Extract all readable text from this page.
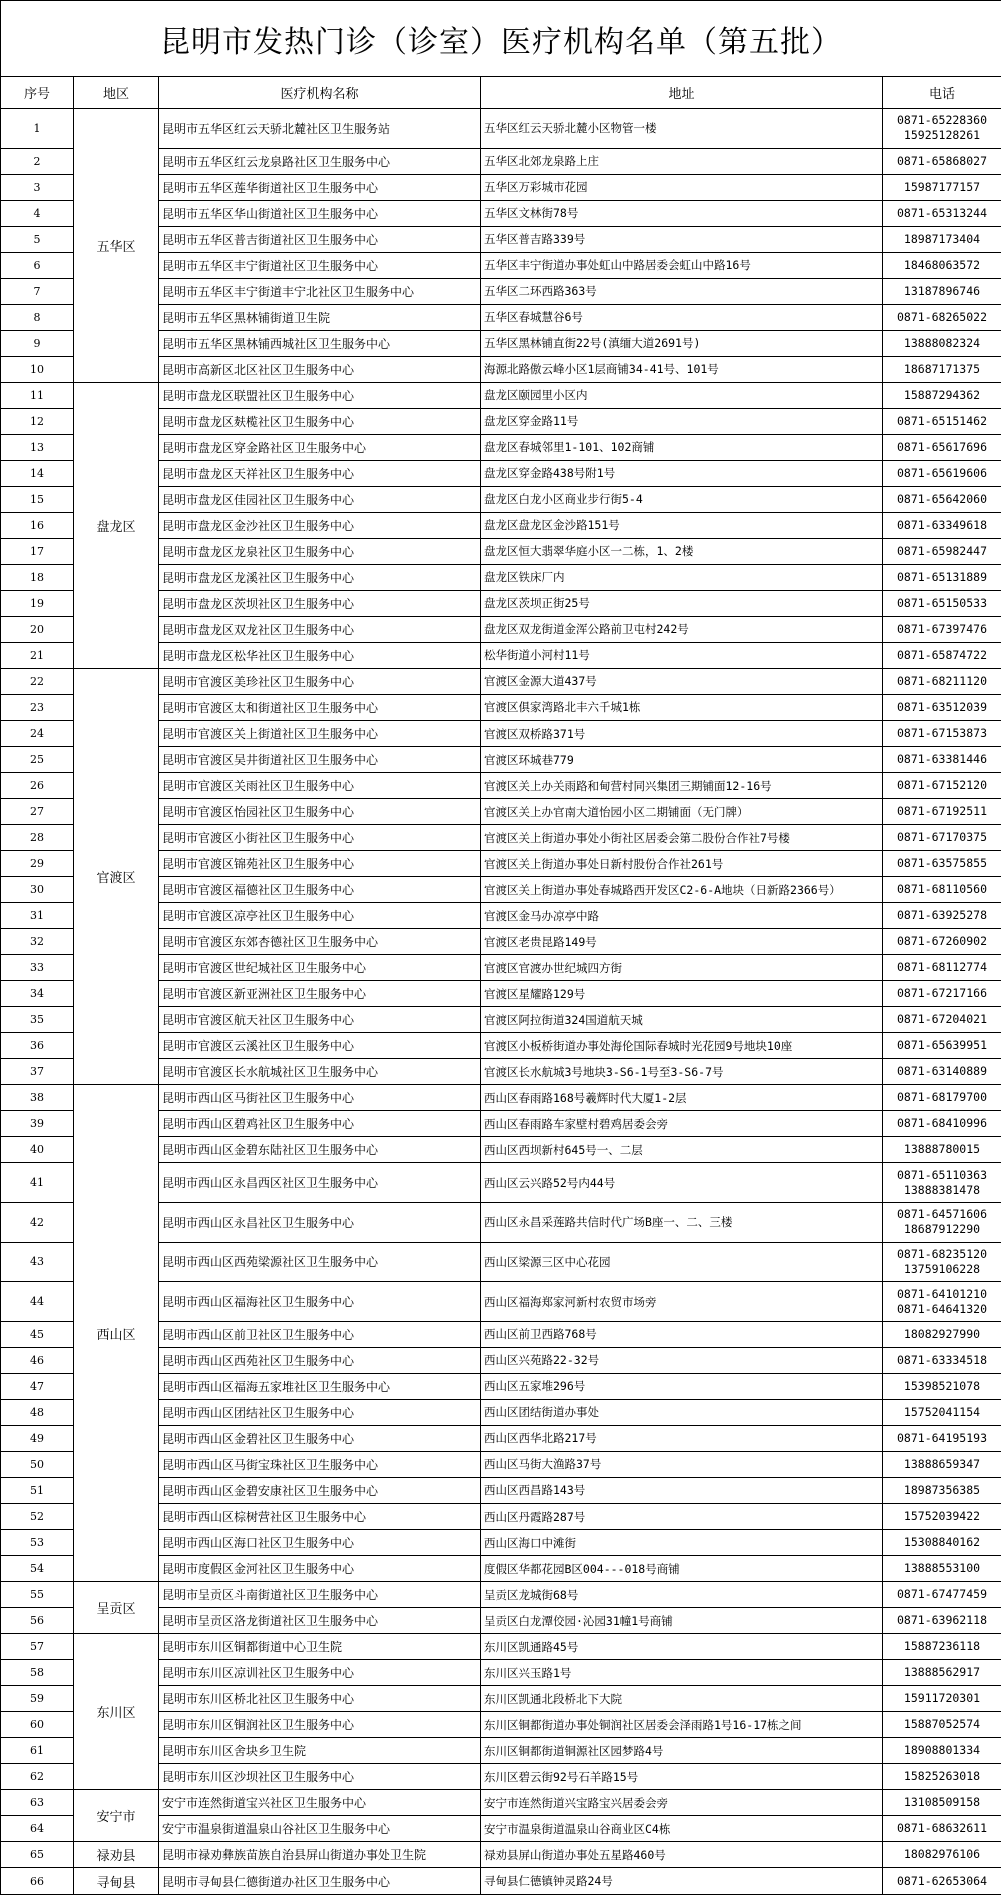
昆明市发热门诊（诊室）医疗机构名单（第五批）				
序号	地区	医疗机构名称	地址	电话
1	五华区	昆明市五华区红云天骄北麓社区卫生服务站	五华区红云天骄北麓小区物管一楼	0871-65228360
15925128261

2		昆明市五华区红云龙泉路社区卫生服务中心	五华区北郊龙泉路上庄	0871-65868027

3		昆明市五华区莲华街道社区卫生服务中心	五华区万彩城市花园	15987177157

4		昆明市五华区华山街道社区卫生服务中心	五华区文林街78号	0871-65313244

5		昆明市五华区普吉街道社区卫生服务中心	五华区普吉路339号	18987173404

6		昆明市五华区丰宁街道社区卫生服务中心	五华区丰宁街道办事处虹山中路居委会虹山中路16号	18468063572

7		昆明市五华区丰宁街道丰宁北社区卫生服务中心	五华区二环西路363号	13187896746

8		昆明市五华区黑林铺街道卫生院	五华区春城慧谷6号	0871-68265022

9		昆明市五华区黑林铺西城社区卫生服务中心	五华区黑林铺直街22号(滇缅大道2691号)	13888082324

10		昆明市高新区北区社区卫生服务中心	海源北路傲云峰小区1层商铺34-41号、101号	18687171375

11	盘龙区	昆明市盘龙区联盟社区卫生服务中心	盘龙区颐园里小区内	15887294362

12		昆明市盘龙区麸榄社区卫生服务中心	盘龙区穿金路11号	0871-65151462

13		昆明市盘龙区穿金路社区卫生服务中心	盘龙区春城邻里1-101、102商铺	0871-65617696

14		昆明市盘龙区天祥社区卫生服务中心	盘龙区穿金路438号附1号	0871-65619606

15		昆明市盘龙区佳园社区卫生服务中心	盘龙区白龙小区商业步行街5-4	0871-65642060

16		昆明市盘龙区金沙社区卫生服务中心	盘龙区盘龙区金沙路151号	0871-63349618

17		昆明市盘龙区龙泉社区卫生服务中心	盘龙区恒大翡翠华庭小区一二栋，1、2楼	0871-65982447

18		昆明市盘龙区龙溪社区卫生服务中心	盘龙区铁床厂内	0871-65131889

19		昆明市盘龙区茨坝社区卫生服务中心	盘龙区茨坝正街25号	0871-65150533

20		昆明市盘龙区双龙社区卫生服务中心	盘龙区双龙街道金浑公路前卫屯村242号	0871-67397476

21		昆明市盘龙区松华社区卫生服务中心	松华街道小河村11号	0871-65874722

22	官渡区	昆明市官渡区美珍社区卫生服务中心	官渡区金源大道437号	0871-68211120

23		昆明市官渡区太和街道社区卫生服务中心	官渡区俱家湾路北丰六千城1栋	0871-63512039

24		昆明市官渡区关上街道社区卫生服务中心	官渡区双桥路371号	0871-67153873

25		昆明市官渡区吴井街道社区卫生服务中心	官渡区环城巷779	0871-63381446

26		昆明市官渡区关雨社区卫生服务中心	官渡区关上办关雨路和甸营村同兴集团三期铺面12-16号	0871-67152120

27		昆明市官渡区怡园社区卫生服务中心	官渡区关上办官南大道怡园小区二期铺面（无门牌）	0871-67192511

28		昆明市官渡区小街社区卫生服务中心	官渡区关上街道办事处小街社区居委会第二股份合作社7号楼	0871-67170375

29		昆明市官渡区锦苑社区卫生服务中心	官渡区关上街道办事处日新村股份合作社261号	0871-63575855

30		昆明市官渡区福德社区卫生服务中心	官渡区关上街道办事处春城路西开发区C2-6-A地块（日新路2366号）	0871-68110560

31		昆明市官渡区凉亭社区卫生服务中心	官渡区金马办凉亭中路	0871-63925278

32		昆明市官渡区东郊杏德社区卫生服务中心	官渡区老贵昆路149号	0871-67260902

33		昆明市官渡区世纪城社区卫生服务中心	官渡区官渡办世纪城四方街	0871-68112774

34		昆明市官渡区新亚洲社区卫生服务中心	官渡区星耀路129号	0871-67217166

35		昆明市官渡区航天社区卫生服务中心	官渡区阿拉街道324国道航天城	0871-67204021

36		昆明市官渡区云溪社区卫生服务中心	官渡区小板桥街道办事处海伦国际春城时光花园9号地块10座	0871-65639951

37		昆明市官渡区长水航城社区卫生服务中心	官渡区长水航城3号地块3-S6-1号至3-S6-7号	0871-63140889

38	西山区	昆明市西山区马街社区卫生服务中心	西山区春雨路168号羲辉时代大厦1-2层	0871-68179700

39		昆明市西山区碧鸡社区卫生服务中心	西山区春雨路车家壁村碧鸡居委会旁	0871-68410996

40		昆明市西山区金碧东陆社区卫生服务中心	西山区西坝新村645号一、二层	13888780015

41		昆明市西山区永昌西区社区卫生服务中心	西山区云兴路52号内44号	0871-65110363
13888381478

42		昆明市西山区永昌社区卫生服务中心	西山区永昌采莲路共信时代广场B座一、二、三楼	0871-64571606
18687912290

43		昆明市西山区西苑梁源社区卫生服务中心	西山区梁源三区中心花园	0871-68235120
13759106228

44		昆明市西山区福海社区卫生服务中心	西山区福海郑家河新村农贸市场旁	0871-64101210
0871-64641320

45		昆明市西山区前卫社区卫生服务中心	西山区前卫西路768号	18082927990

46		昆明市西山区西苑社区卫生服务中心	西山区兴苑路22-32号	0871-63334518

47		昆明市西山区福海五家堆社区卫生服务中心	西山区五家堆296号	15398521078

48		昆明市西山区团结社区卫生服务中心	西山区团结街道办事处	15752041154

49		昆明市西山区金碧社区卫生服务中心	西山区西华北路217号	0871-64195193

50		昆明市西山区马街宝珠社区卫生服务中心	西山区马街大渔路37号	13888659347

51		昆明市西山区金碧安康社区卫生服务中心	西山区西昌路143号	18987356385

52		昆明市西山区棕树营社区卫生服务中心	西山区丹霞路287号	15752039422

53		昆明市西山区海口社区卫生服务中心	西山区海口中滩街	15308840162

54		昆明市度假区金河社区卫生服务中心	度假区华都花园B区004---018号商铺	13888553100

55	呈贡区	昆明市呈贡区斗南街道社区卫生服务中心	呈贡区龙城街68号	0871-67477459

56		昆明市呈贡区洛龙街道社区卫生服务中心	呈贡区白龙潭佼园·沁园31幢1号商铺	0871-63962118

57	东川区	昆明市东川区铜都街道中心卫生院	东川区凯通路45号	15887236118

58		昆明市东川区凉训社区卫生服务中心	东川区兴玉路1号	13888562917

59		昆明市东川区桥北社区卫生服务中心	东川区凯通北段桥北下大院	15911720301

60		昆明市东川区铜润社区卫生服务中心	东川区铜都街道办事处铜润社区居委会泽雨路1号16-17栋之间	15887052574

61		昆明市东川区舍块乡卫生院	东川区铜都街道铜源社区园梦路4号	18908801334

62		昆明市东川区沙坝社区卫生服务中心	东川区碧云街92号石羊路15号	15825263018

63	安宁市	安宁市连然街道宝兴社区卫生服务中心	安宁市连然街道兴宝路宝兴居委会旁	13108509158

64		安宁市温泉街道温泉山谷社区卫生服务中心	安宁市温泉街道温泉山谷商业区C4栋	0871-68632611

65	禄劝县	昆明市禄劝彝族苗族自治县屏山街道办事处卫生院	禄劝县屏山街道办事处五星路460号	18082976106

66	寻甸县	昆明市寻甸县仁德街道办社区卫生服务中心	寻甸县仁德镇钟灵路24号	0871-62653064
